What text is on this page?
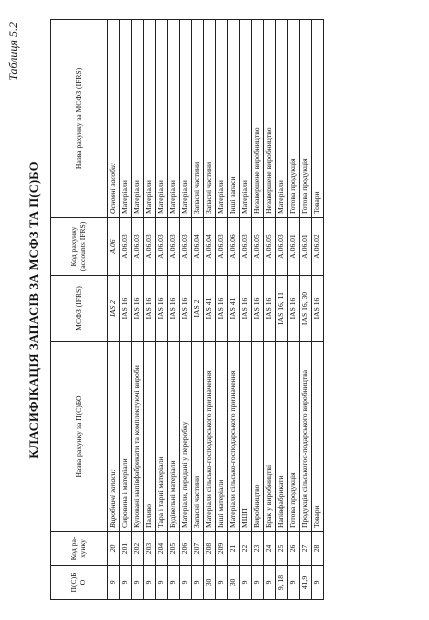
Таблиця 5.2
КЛАСИФІКАЦІЯ ЗАПАСІВ ЗА МСФЗ ТА П(С)БО
П(С)Б О	Код ра-хунку	Назва рахунку за П(С)БО	МСФЗ (IFRS)	Код рахунку (accounts IFRS)	Назва рахунку за МСФЗ (IFRS)
9	20	Виробничі запаси:	IAS 2	A.06	Основні засоби:
9	201	Сировина і матеріали	IAS 16	A.06.03	Матеріали
9	202	Куповані напівфабрикати та комплектуючі вироби	IAS 16	A.06.03	Матеріали
9	203	Паливо	IAS 16	A.06.03	Матеріали
9	204	Тара і тарні матеріали	IAS 16	A.06.03	Матеріали
9	205	Будівельні матеріали	IAS 16	A.06.03	Матеріали
9	206	Матеріали, передані у переробку	IAS 16	A.06.03	Матеріали
9	207	Запасні частини	IAS 2	A.06.04	Запасні частини
30	208	Матеріали сільсько-господарського призначення	IAS 41	A.06.04	Запасні частини
9	209	Інші матеріали	IAS 16	A.06.03	Матеріали
30	21	Матеріали сільсько-господарського призначення	IAS 41	A.06.06	Інші запаси
9	22	МШП	IAS 16	A.06.03	Матеріали
9	23	Виробництво	IAS 16	A.06.05	Незавершене виробництво
9	24	Брак у виробництві	IAS 16	A.06.05	Незавершене виробництво
9, 18	25	Напівфабрикати	IAS 16, 11	A.06.03	Матеріали
9	26	Готова продукція	IAS 16	A.06.01	Готова продукція
41,9	27	Продукція сільськогос-подарського виробництва	IAS 16, 30	A.06.01	Готова продукція
9	28	Товари	IAS 16	A.06.02	Товари
